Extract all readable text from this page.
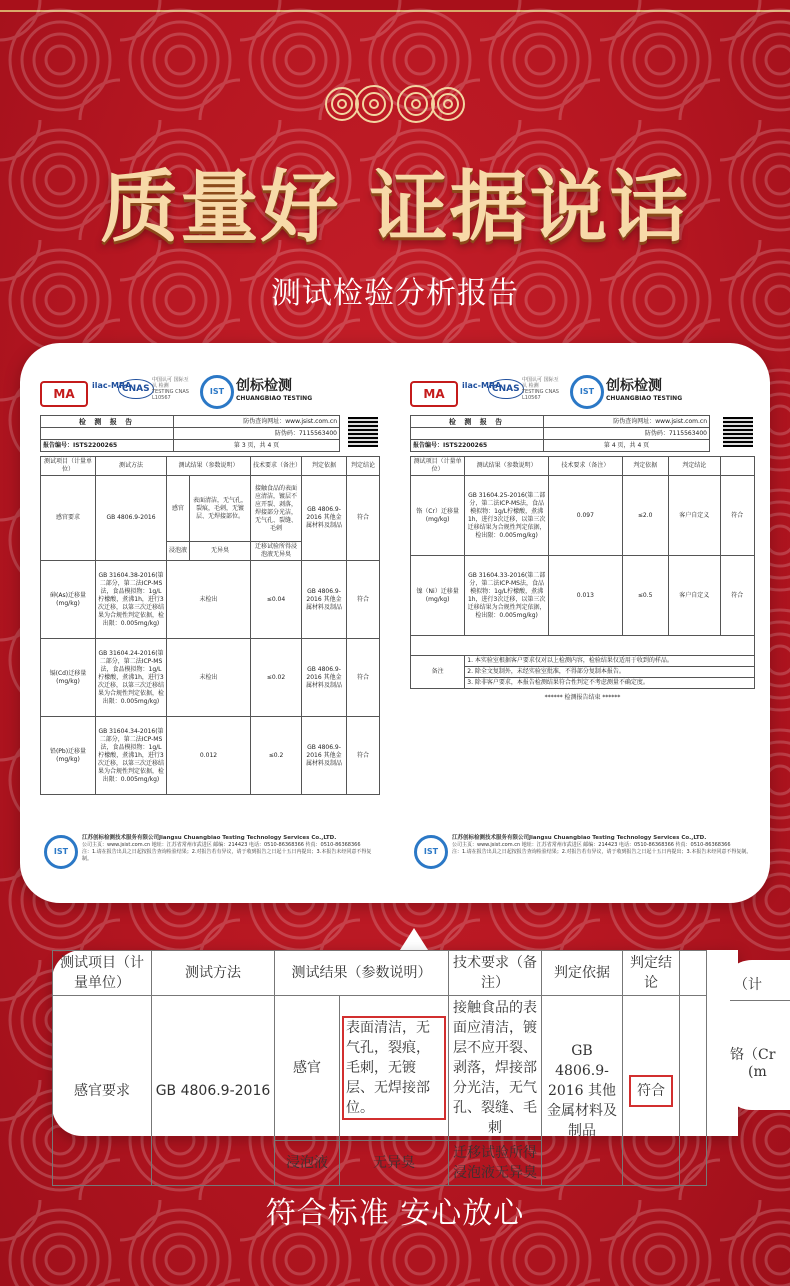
质量好 证据说话
测试检验分析报告
MA
ilac-MRA
CNAS
中国认可 国际互认 检测 TESTING CNAS L10567
IST 创标检测
CHUANGBIAO TESTING
检 测 报 告	防伪查询网址：www.jsist.com.cn
	防伪码：7115563400
报告编号：ISTS2200265	第 3 页，共 4 页
测试项目（计量单位）	测试方法	测试结果（参数说明）		技术要求（备注）	判定依据	判定结论
感官要求	GB 4806.9-2016	感官	表面清洁，无气孔，裂痕，毛刺，无镀层、无焊接部位。	接触食品的表面应清洁，镀层不应开裂、剥落，焊接部分光洁，无气孔、裂缝、毛刺	GB 4806.9-2016 其他金属材料及制品	符合
		浸泡液	无异臭	迁移试验所得浸泡液无异臭		
砷(As)迁移量(mg/kg)	GB 31604.38-2016(第二部分，第二法ICP-MS法，食品模拟物：1g/L柠檬酸，煮沸1h，进行3次迁移，以第三次迁移结果为合规性判定依据，检出限：0.005mg/kg)	未检出		≤0.04	GB 4806.9-2016 其他金属材料及制品	符合
镉(Cd)迁移量(mg/kg)	GB 31604.24-2016(第二部分，第二法ICP-MS法，食品模拟物：1g/L柠檬酸，煮沸1h，进行3次迁移，以第三次迁移结果为合规性判定依据，检出限：0.005mg/kg)	未检出		≤0.02	GB 4806.9-2016 其他金属材料及制品	符合
铅(Pb)迁移量(mg/kg)	GB 31604.34-2016(第二部分，第二法ICP-MS法，食品模拟物：1g/L柠檬酸，煮沸1h，进行3次迁移，以第三次迁移结果为合规性判定依据，检出限：0.005mg/kg)	0.012		≤0.2	GB 4806.9-2016 其他金属材料及制品	符合
IST
江苏创标检测技术服务有限公司Jiangsu Chuangbiao Testing Technology Services Co.,LTD.
公司主页：www.jsist.com.cn 地址：江苏省常州市武进区 邮编：214423 电话：0510-86368366 传真：0510-86368366
注：1.请在报告出具之日起按报告查询检验结果；2.对报告若有异议，请于收到报告之日起十五日内提出；3.本报告未经同意不得复制。
MA
ilac-MRA
CNAS
中国认可 国际互认 检测 TESTING CNAS L10567
IST 创标检测
CHUANGBIAO TESTING
检 测 报 告	防伪查询网址：www.jsist.com.cn
	防伪码：7115563400
报告编号：ISTS2200265	第 4 页，共 4 页
测试项目（计量单位）	测试结果（参数说明）	技术要求（备注）	判定依据	判定结论	
铬（Cr）迁移量(mg/kg)	GB 31604.25-2016(第二部分，第二法ICP-MS法，食品模拟物：1g/L柠檬酸，煮沸1h，进行3次迁移，以第三次迁移结果为合规性判定依据，检出限：0.005mg/kg)	0.097	≤2.0	客户自定义	符合
镍（Ni）迁移量(mg/kg)	GB 31604.33-2016(第二部分，第二法ICP-MS法，食品模拟物：1g/L柠檬酸，煮沸1h，进行3次迁移，以第三次迁移结果为合规性判定依据，检出限：0.005mg/kg)	0.013	≤0.5	客户自定义	符合

备注	1. 本实验室根据客户要求仅对以上检测内容，检验结果仅适用于收到的样品。				
	2. 除全文复制外，未经实验室批准，不得部分复制本报告。				
	3. 除非客户要求，本报告检测结果符合性判定不考虑测量不确定度。				
****** 检测报告结束 ******
IST
江苏创标检测技术服务有限公司Jiangsu Chuangbiao Testing Technology Services Co.,LTD.
公司主页：www.jsist.com.cn 地址：江苏省常州市武进区 邮编：214423 电话：0510-86368366 传真：0510-86368366
注：1.请在报告出具之日起按报告查询检验结果；2.对报告若有异议，请于收到报告之日起十五日内提出；3.本报告未经同意不得复制。
测试项目（计量单位）	测试方法	测试结果（参数说明）		技术要求（备注）	判定依据	判定结论	
感官要求	GB 4806.9-2016	感官	表面清洁，无气孔，裂痕，毛刺，无镀层、无焊接部位。	接触食品的表面应清洁，镀层不应开裂、剥落，焊接部分光洁，无气孔、裂缝、毛刺	GB 4806.9-2016 其他金属材料及制品	符合	
		浸泡液	无异臭	迁移试验所得浸泡液无异臭			
（计
铬（Cr
(m
符合标准 安心放心
